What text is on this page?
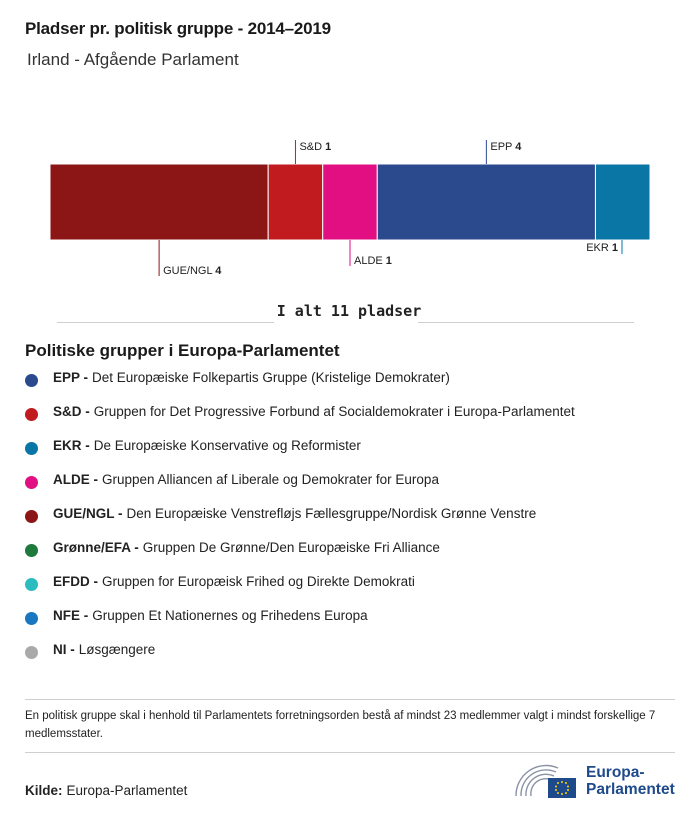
Pladser pr. politisk gruppe - 2014–2019
Irland - Afgående Parlament
GUE/NGL 4
S&D 1
ALDE 1
EPP 4
EKR 1
I alt 11 pladser
Politiske grupper i Europa-Parlamentet
EPP - Det Europæiske Folkepartis Gruppe (Kristelige Demokrater)
S&D - Gruppen for Det Progressive Forbund af Socialdemokrater i Europa-Parlamentet
EKR - De Europæiske Konservative og Reformister
ALDE - Gruppen Alliancen af Liberale og Demokrater for Europa
GUE/NGL - Den Europæiske Venstrefløjs Fællesgruppe/Nordisk Grønne Venstre
Grønne/EFA - Gruppen De Grønne/Den Europæiske Fri Alliance
EFDD - Gruppen for Europæisk Frihed og Direkte Demokrati
NFE - Gruppen Et Nationernes og Frihedens Europa
NI - Løsgængere
En politisk gruppe skal i henhold til Parlamentets forretningsorden bestå af mindst 23 medlemmer valgt i mindst forskellige 7 medlemsstater.
Kilde: Europa-Parlamentet
Europa-
Parlamentet
